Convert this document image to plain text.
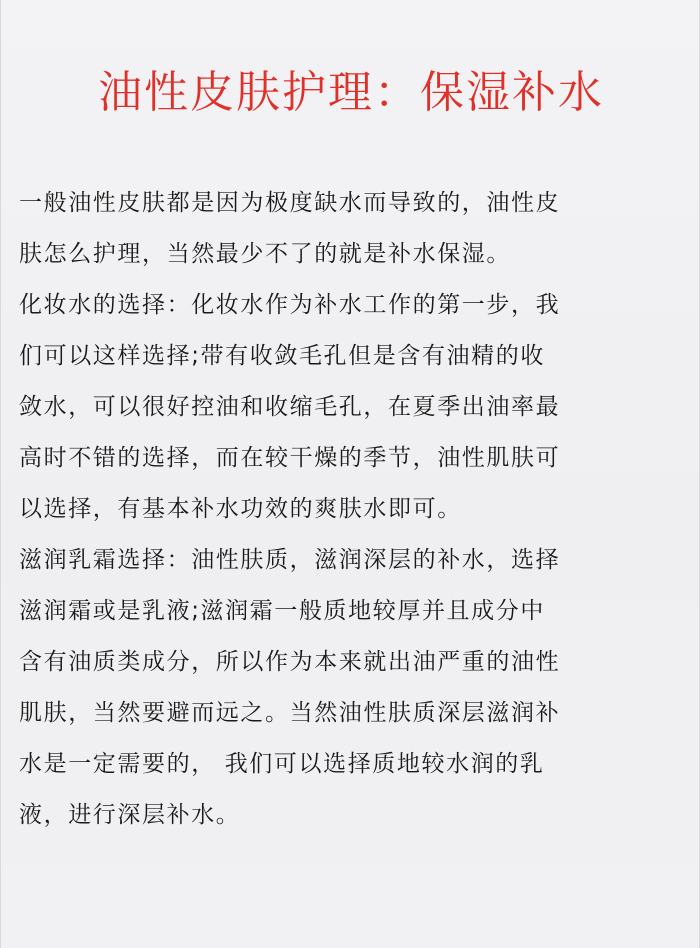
油性皮肤护理：保湿补水
一般油性皮肤都是因为极度缺水而导致的，油性皮
肤怎么护理，当然最少不了的就是补水保湿。
化妆水的选择：化妆水作为补水工作的第一步，我
们可以这样选择;带有收敛毛孔但是含有油精的收
敛水，可以很好控油和收缩毛孔，在夏季出油率最
高时不错的选择，而在较干燥的季节，油性肌肤可
以选择，有基本补水功效的爽肤水即可。
滋润乳霜选择：油性肤质，滋润深层的补水，选择
滋润霜或是乳液;滋润霜一般质地较厚并且成分中
含有油质类成分，所以作为本来就出油严重的油性
肌肤，当然要避而远之。当然油性肤质深层滋润补
水是一定需要的， 我们可以选择质地较水润的乳
液，进行深层补水。
